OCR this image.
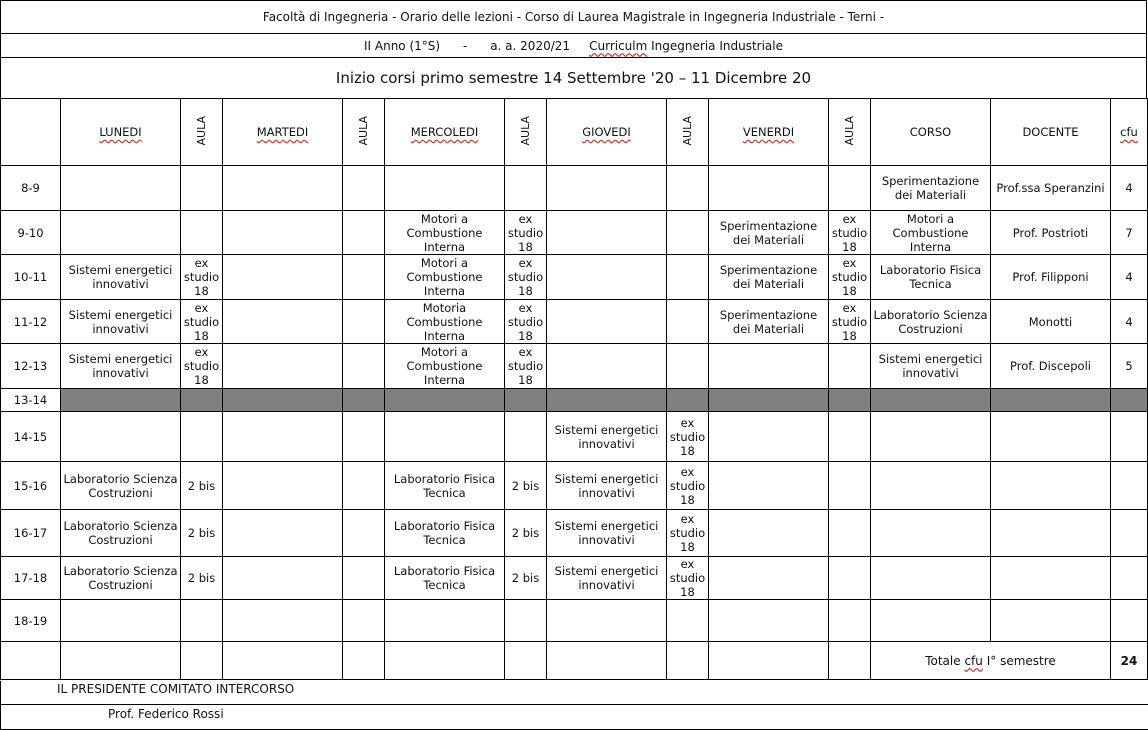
Facoltà di Ingegneria - Orario delle lezioni - Corso di Laurea Magistrale in Ingegneria Industriale - Terni -
II Anno (1°S) - a. a. 2020/21 Curriculm Ingegneria Industriale
Inizio corsi primo semestre 14 Settembre '20 – 11 Dicembre 20
	LUNEDI	AULA	MARTEDI	AULA	MERCOLEDI	AULA	GIOVEDI	AULA	VENERDI	AULA	CORSO	DOCENTE	cfu
8-9											Sperimentazione dei Materiali	Prof.ssa Speranzini	4
9-10					Motori a Combustione Interna	ex studio 18			Sperimentazione dei Materiali	ex studio 18	Motori a Combustione Interna	Prof. Postrioti	7
10-11	Sistemi energetici innovativi	ex studio 18			Motori a Combustione Interna	ex studio 18			Sperimentazione dei Materiali	ex studio 18	Laboratorio Fisica Tecnica	Prof. Filipponi	4
11-12	Sistemi energetici innovativi	ex studio 18			Motoria Combustione Interna	ex studio 18			Sperimentazione dei Materiali	ex studio 18	Laboratorio Scienza Costruzioni	Monotti	4
12-13	Sistemi energetici innovativi	ex studio 18			Motori a Combustione Interna	ex studio 18					Sistemi energetici innovativi	Prof. Discepoli	5
13-14													
14-15							Sistemi energetici innovativi	ex studio 18					
15-16	Laboratorio Scienza Costruzioni	2 bis			Laboratorio Fisica Tecnica	2 bis	Sistemi energetici innovativi	ex studio 18					
16-17	Laboratorio Scienza Costruzioni	2 bis			Laboratorio Fisica Tecnica	2 bis	Sistemi energetici innovativi	ex studio 18					
17-18	Laboratorio Scienza Costruzioni	2 bis			Laboratorio Fisica Tecnica	2 bis	Sistemi energetici innovativi	ex studio 18					
18-19													
											Totale cfu I° semestre		24
IL PRESIDENTE COMITATO INTERCORSO
Prof. Federico Rossi
